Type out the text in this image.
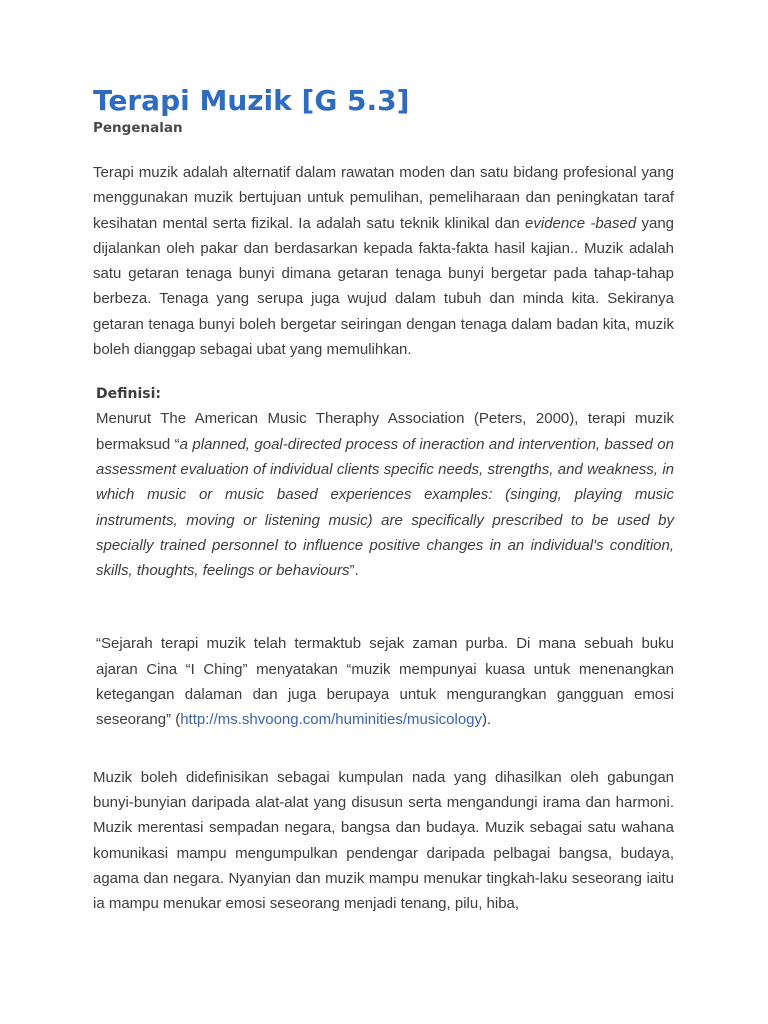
Terapi Muzik [G 5.3]
Pengenalan

Terapi muzik adalah alternatif dalam rawatan moden dan satu bidang profesional yang menggunakan muzik bertujuan untuk pemulihan, pemeliharaan dan peningkatan taraf kesihatan mental serta fizikal. Ia adalah satu teknik klinikal dan evidence -based yang dijalankan oleh pakar dan berdasarkan kepada fakta-fakta hasil kajian.. Muzik adalah satu getaran tenaga bunyi dimana getaran tenaga bunyi bergetar pada tahap-tahap berbeza. Tenaga yang serupa juga wujud dalam tubuh dan minda kita. Sekiranya getaran tenaga bunyi boleh bergetar seiringan dengan tenaga dalam badan kita, muzik boleh dianggap sebagai ubat yang memulihkan.

Definisi:

Menurut The American Music Theraphy Association (Peters, 2000), terapi muzik bermaksud “a planned, goal-directed process of ineraction and intervention, bassed on assessment evaluation of individual clients specific needs, strengths, and weakness, in which music or music based experiences examples: (singing, playing music instruments, moving or listening music) are specifically prescribed to be used by specially trained personnel to influence positive changes in an individual's condition, skills, thoughts, feelings or behaviours”.

“Sejarah terapi muzik telah termaktub sejak zaman purba. Di mana sebuah buku ajaran Cina “I Ching” menyatakan “muzik mempunyai kuasa untuk menenangkan ketegangan dalaman dan juga berupaya untuk mengurangkan gangguan emosi seseorang” (http://ms.shvoong.com/huminities/musicology).

Muzik boleh didefinisikan sebagai kumpulan nada yang dihasilkan oleh gabungan bunyi-bunyian daripada alat-alat yang disusun serta mengandungi irama dan harmoni. Muzik merentasi sempadan negara, bangsa dan budaya. Muzik sebagai satu wahana komunikasi mampu mengumpulkan pendengar daripada pelbagai bangsa, budaya, agama dan negara. Nyanyian dan muzik mampu menukar tingkah-laku seseorang iaitu ia mampu menukar emosi seseorang menjadi tenang, pilu, hiba,
